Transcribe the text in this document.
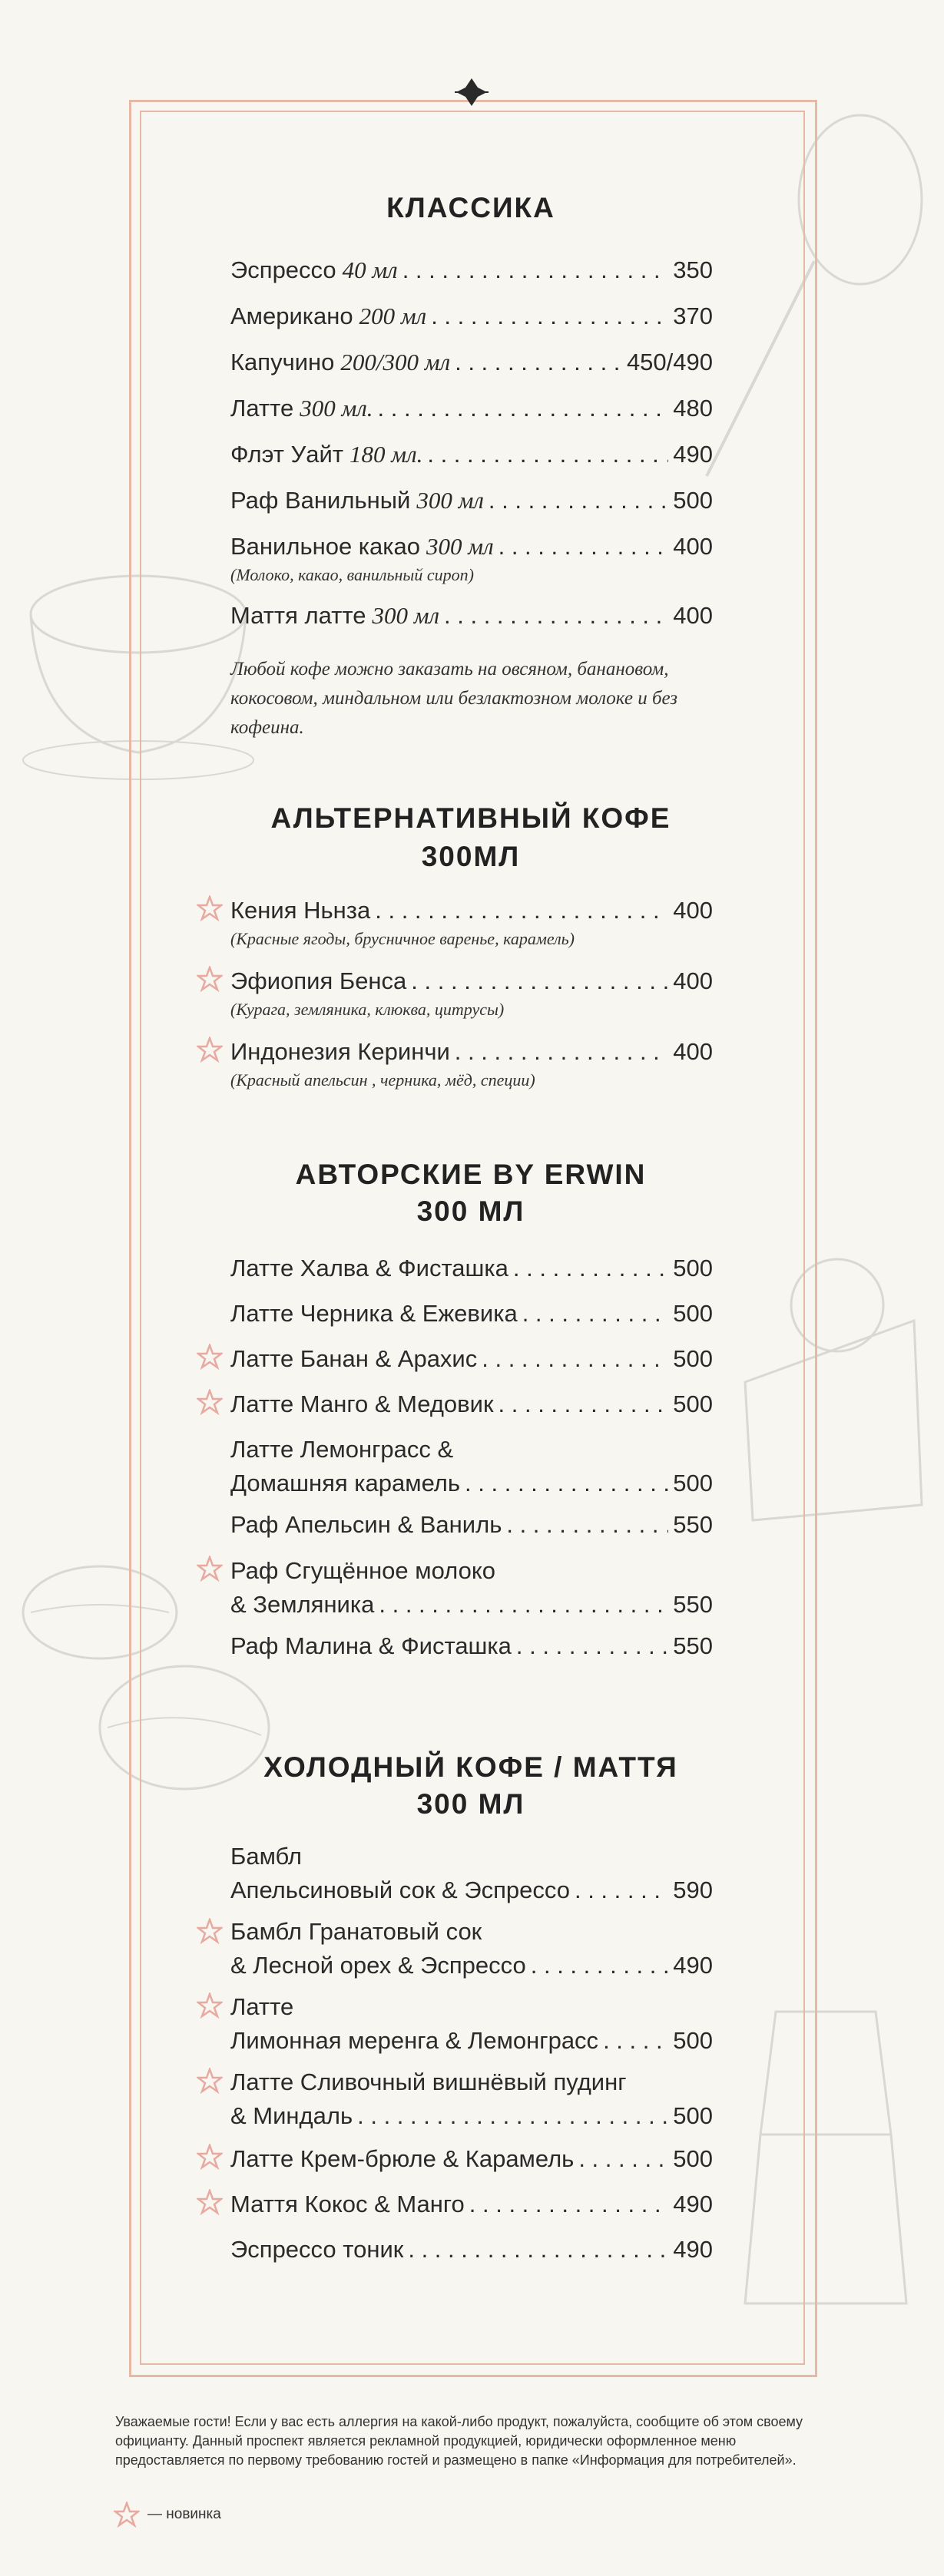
КЛАССИКА
Эспрессо 40 мл . . .	350
Американо 200 мл . . .	370
Капучино 200/300 мл . . .	450/490
Латте 300 мл. . . .	480
Флэт Уайт 180 мл. . . .	490
Раф Ванильный 300 мл . . .	500
Ванильное какао 300 мл . . .	400
(Молоко, какао, ванильный сироп)
Маття латте 300 мл . . .	400
Любой кофе можно заказать на овсяном, банановом, кокосовом, миндальном или безлактозном молоке и без кофеина.
АЛЬТЕРНАТИВНЫЙ КОФЕ
300МЛ
Кения Ньнза . . .	400
(Красные ягоды, брусничное варенье, карамель)
Эфиопия Бенса . . .	400
(Курага, земляника, клюква, цитрусы)
Индонезия Керинчи . . .	400
(Красный апельсин , черника, мёд, специи)
АВТОРСКИЕ BY ERWIN
300 МЛ
Латте Халва & Фисташка . . .	500
Латте Черника & Ежевика . . .	500
Латте Банан & Арахис . . .	500
Латте Манго & Медовик . . .	500
Латте Лемонграсс &
Домашняя карамель . . .	500
Раф Апельсин & Ваниль . . .	550
Раф Сгущённое молоко
& Земляника . . .	550
Раф Малина & Фисташка . . .	550
ХОЛОДНЫЙ КОФЕ / МАТТЯ
300 МЛ
Бамбл
Апельсиновый сок & Эспрессо . . .	590
Бамбл Гранатовый сок
& Лесной орех & Эспрессо . . .	490
Латте
Лимонная меренга & Лемонграсс . . .	500
Латте Сливочный вишнёвый пудинг
& Миндаль . . .	500
Латте Крем-брюле & Карамель . . .	500
Маття Кокос & Манго . . .	490
Эспрессо тоник . . .	490
Уважаемые гости! Если у вас есть аллергия на какой-либо продукт, пожалуйста, сообщите об этом своему официанту. Данный проспект является рекламной продукцией, юридически оформленное меню предоставляется по первому требованию гостей и размещено в папке «Информация для потребителей».
— новинка
